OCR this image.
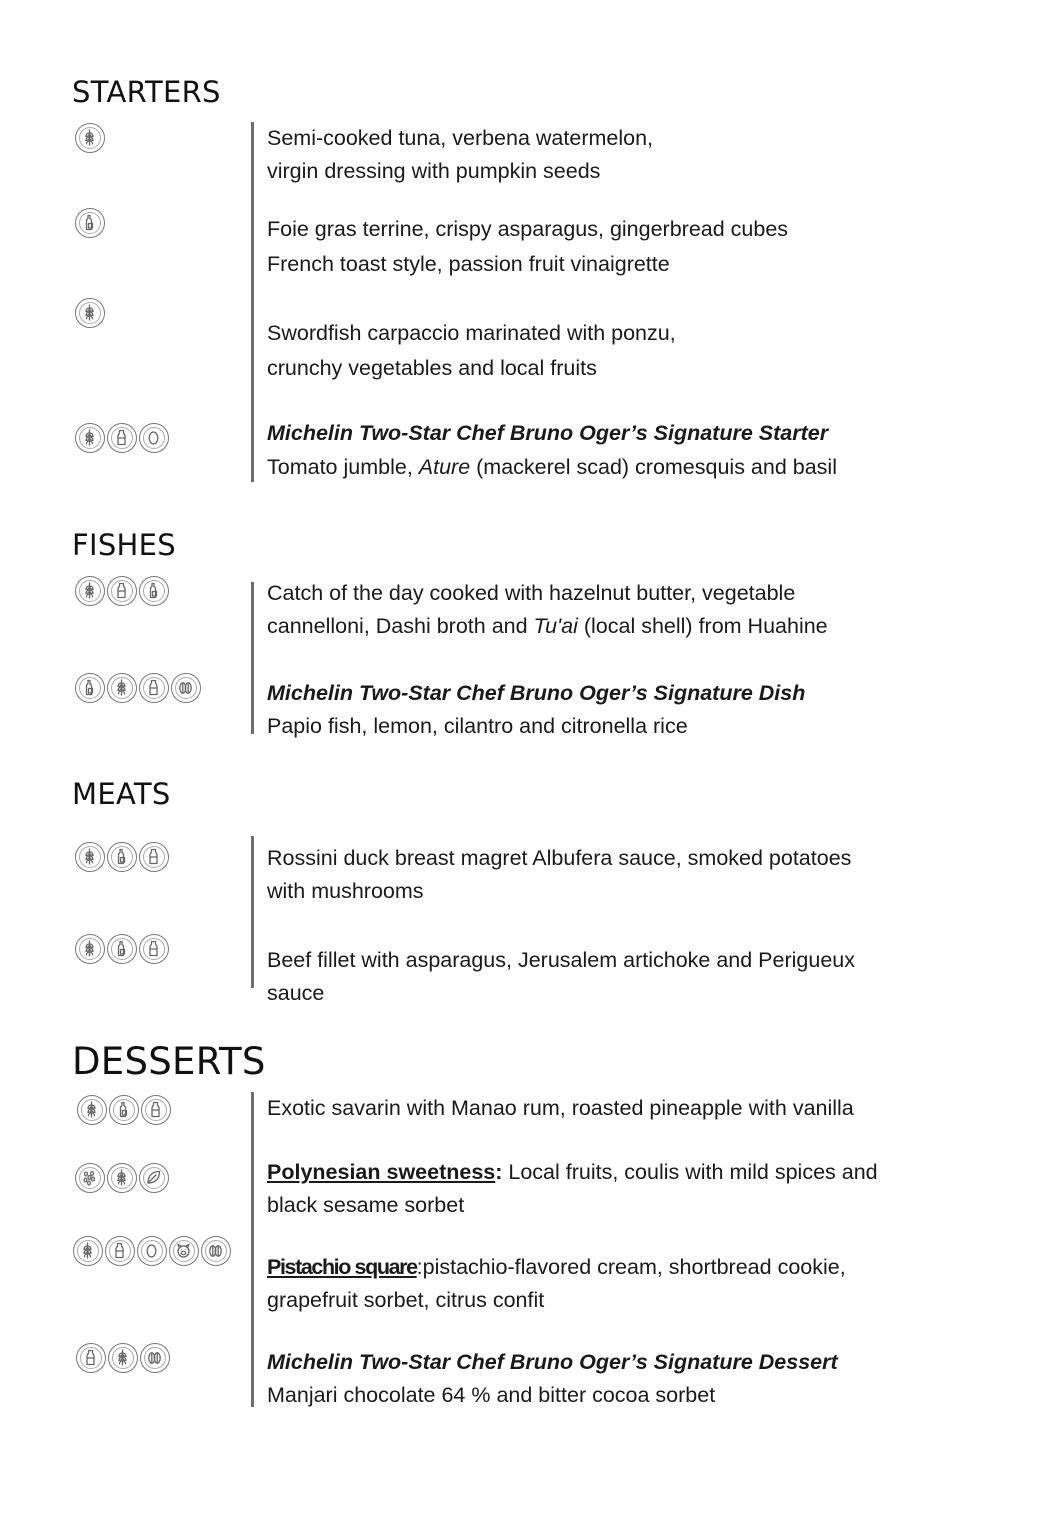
STARTERS

Semi-cooked tuna, verbena watermelon,
virgin dressing with pumpkin seeds

Foie gras terrine, crispy asparagus, gingerbread cubes
French toast style, passion fruit vinaigrette

Swordfish carpaccio marinated with ponzu,
crunchy vegetables and local fruits

Michelin Two-Star Chef Bruno Oger’s Signature Starter
Tomato jumble, Ature (mackerel scad) cromesquis and basil

FISHES

Catch of the day cooked with hazelnut butter, vegetable
cannelloni, Dashi broth and Tu'ai (local shell) from Huahine

Michelin Two-Star Chef Bruno Oger’s Signature Dish
Papio fish, lemon, cilantro and citronella rice

MEATS

Rossini duck breast magret Albufera sauce, smoked potatoes
with mushrooms

Beef fillet with asparagus, Jerusalem artichoke and Perigueux
sauce

DESSERTS

Exotic savarin with Manao rum, roasted pineapple with vanilla

Polynesian sweetness: Local fruits, coulis with mild spices and
black sesame sorbet

Pistachio square:pistachio-flavored cream, shortbread cookie,
grapefruit sorbet, citrus confit

Michelin Two-Star Chef Bruno Oger’s Signature Dessert
Manjari chocolate 64 % and bitter cocoa sorbet
